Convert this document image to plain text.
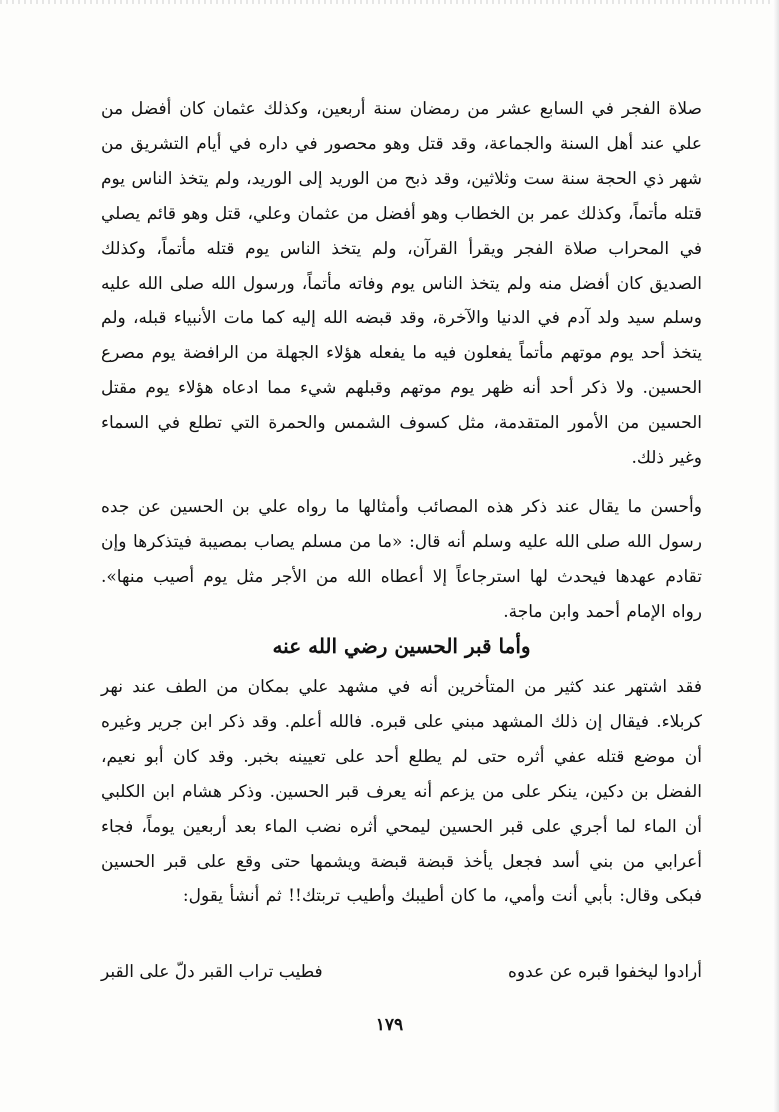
صلاة الفجر في السابع عشر من رمضان سنة أربعين، وكذلك عثمان كان أفضل من علي عند أهل السنة والجماعة، وقد قتل وهو محصور في داره في أيام التشريق من شهر ذي الحجة سنة ست وثلاثين، وقد ذبح من الوريد إلى الوريد، ولم يتخذ الناس يوم قتله مأتماً، وكذلك عمر بن الخطاب وهو أفضل من عثمان وعلي، قتل وهو قائم يصلي في المحراب صلاة الفجر ويقرأ القرآن، ولم يتخذ الناس يوم قتله مأتماً، وكذلك الصديق كان أفضل منه ولم يتخذ الناس يوم وفاته مأتماً، ورسول الله صلى الله عليه وسلم سيد ولد آدم في الدنيا والآخرة، وقد قبضه الله إليه كما مات الأنبياء قبله، ولم يتخذ أحد يوم موتهم مأتماً يفعلون فيه ما يفعله هؤلاء الجهلة من الرافضة يوم مصرع الحسين. ولا ذكر أحد أنه ظهر يوم موتهم وقبلهم شيء مما ادعاه هؤلاء يوم مقتل الحسين من الأمور المتقدمة، مثل كسوف الشمس والحمرة التي تطلع في السماء وغير ذلك.

وأحسن ما يقال عند ذكر هذه المصائب وأمثالها ما رواه علي بن الحسين عن جده رسول الله صلى الله عليه وسلم أنه قال: «ما من مسلم يصاب بمصيبة فيتذكرها وإن تقادم عهدها فيحدث لها استرجاعاً إلا أعطاه الله من الأجر مثل يوم أصيب منها». رواه الإمام أحمد وابن ماجة.

وأما قبر الحسين رضي الله عنه

فقد اشتهر عند كثير من المتأخرين أنه في مشهد علي بمكان من الطف عند نهر كربلاء. فيقال إن ذلك المشهد مبني على قبره. فالله أعلم. وقد ذكر ابن جرير وغيره أن موضع قتله عفي أثره حتى لم يطلع أحد على تعيينه بخبر. وقد كان أبو نعيم، الفضل بن دكين، ينكر على من يزعم أنه يعرف قبر الحسين. وذكر هشام ابن الكلبي أن الماء لما أجري على قبر الحسين ليمحي أثره نضب الماء بعد أربعين يوماً، فجاء أعرابي من بني أسد فجعل يأخذ قبضة قبضة ويشمها حتى وقع على قبر الحسين فبكى وقال: بأبي أنت وأمي، ما كان أطيبك وأطيب تربتك!! ثم أنشأ يقول:

أرادوا ليخفوا قبره عن عدوه
فطيب تراب القبر دلّ على القبر
١٧٩
